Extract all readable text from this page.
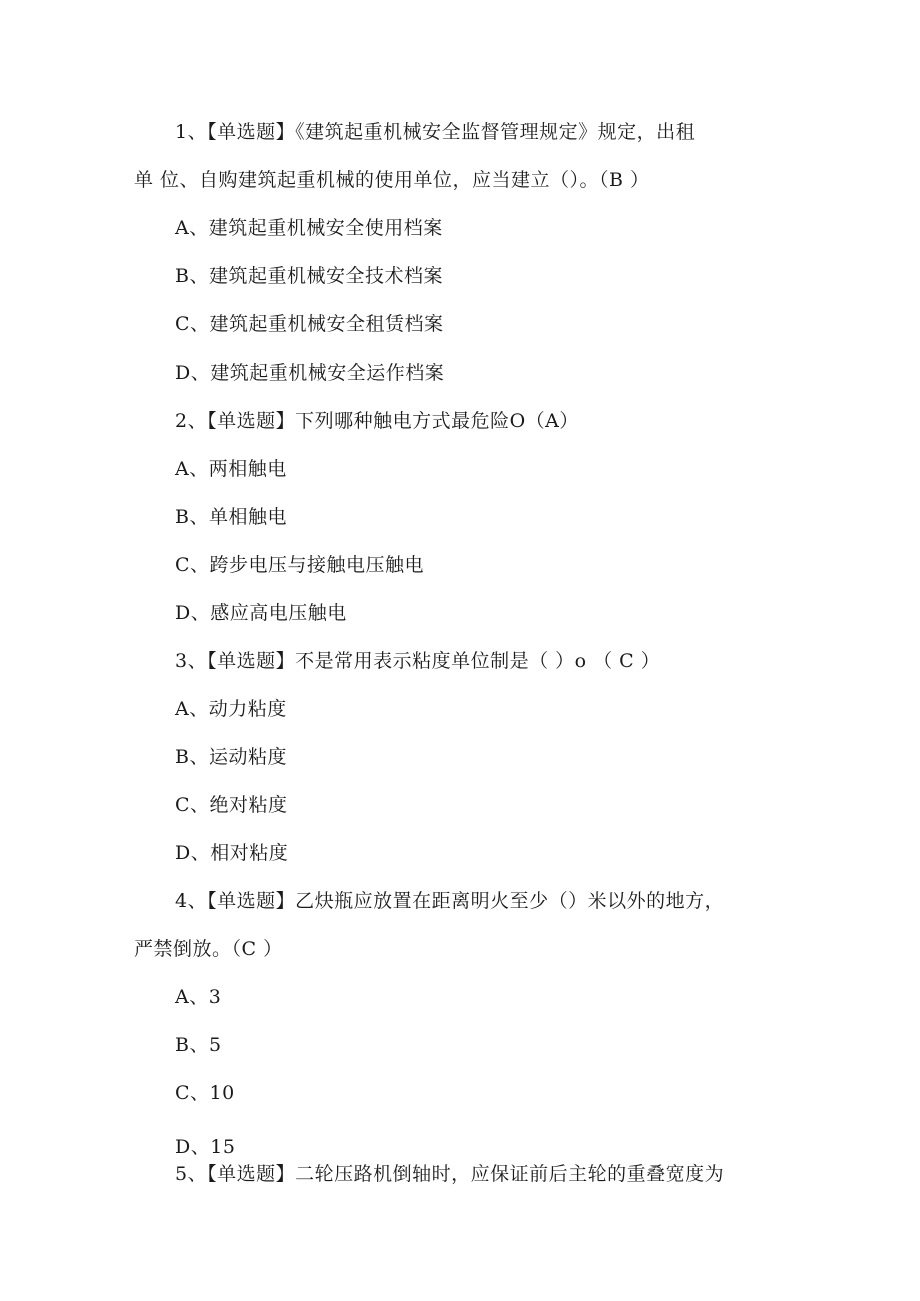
1、【单选题】《建筑起重机械安全监督管理规定》规定，出租
单 位、自购建筑起重机械的使用单位，应当建立（）。（B ）
A、建筑起重机械安全使用档案
B、建筑起重机械安全技术档案
C、建筑起重机械安全租赁档案
D、建筑起重机械安全运作档案
2、【单选题】下列哪种触电方式最危险O（A）
A、两相触电
B、单相触电
C、跨步电压与接触电压触电
D、感应高电压触电
3、【单选题】不是常用表示粘度单位制是（ ）o （ C ）
A、动力粘度
B、运动粘度
C、绝对粘度
D、相对粘度
4、【单选题】乙炔瓶应放置在距离明火至少（）米以外的地方，
严禁倒放。（C ）
A、3
B、5
C、10
D、15
5、【单选题】二轮压路机倒轴时，应保证前后主轮的重叠宽度为
